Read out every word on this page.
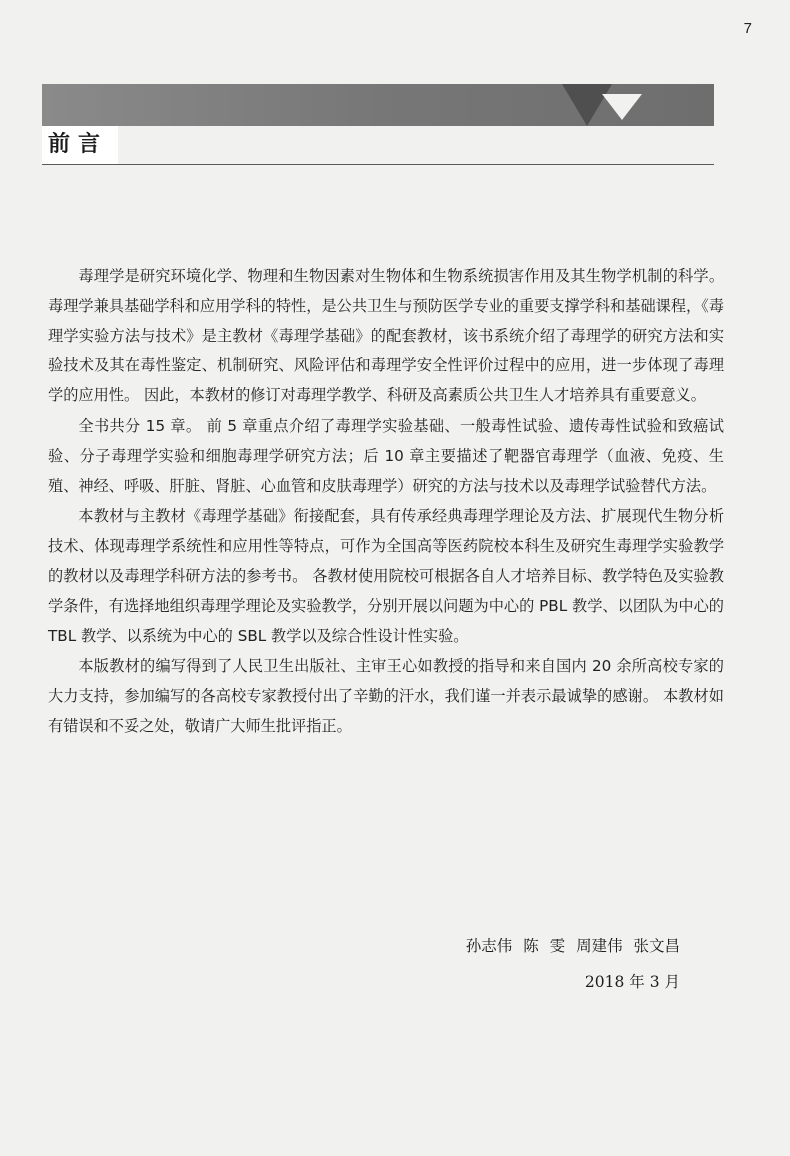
7
前言

毒理学是研究环境化学、物理和生物因素对生物体和生物系统损害作用及其生物学机制的科学。 毒理学兼具基础学科和应用学科的特性，是公共卫生与预防医学专业的重要支撑学科和基础课程，《毒理学实验方法与技术》是主教材《毒理学基础》的配套教材，该书系统介绍了毒理学的研究方法和实验技术及其在毒性鉴定、机制研究、风险评估和毒理学安全性评价过程中的应用，进一步体现了毒理学的应用性。 因此，本教材的修订对毒理学教学、科研及高素质公共卫生人才培养具有重要意义。

全书共分 15 章。 前 5 章重点介绍了毒理学实验基础、一般毒性试验、遗传毒性试验和致癌试验、分子毒理学实验和细胞毒理学研究方法；后 10 章主要描述了靶器官毒理学（血液、免疫、生殖、神经、呼吸、肝脏、肾脏、心血管和皮肤毒理学）研究的方法与技术以及毒理学试验替代方法。

本教材与主教材《毒理学基础》衔接配套，具有传承经典毒理学理论及方法、扩展现代生物分析技术、体现毒理学系统性和应用性等特点，可作为全国高等医药院校本科生及研究生毒理学实验教学的教材以及毒理学科研方法的参考书。 各教材使用院校可根据各自人才培养目标、教学特色及实验教学条件，有选择地组织毒理学理论及实验教学，分别开展以问题为中心的 PBL 教学、以团队为中心的 TBL 教学、以系统为中心的 SBL 教学以及综合性设计性实验。

本版教材的编写得到了人民卫生出版社、主审王心如教授的指导和来自国内 20 余所高校专家的大力支持，参加编写的各高校专家教授付出了辛勤的汗水，我们谨一并表示最诚挚的感谢。 本教材如有错误和不妥之处，敬请广大师生批评指正。

孙志伟 陈 雯 周建伟 张文昌
2018 年 3 月
